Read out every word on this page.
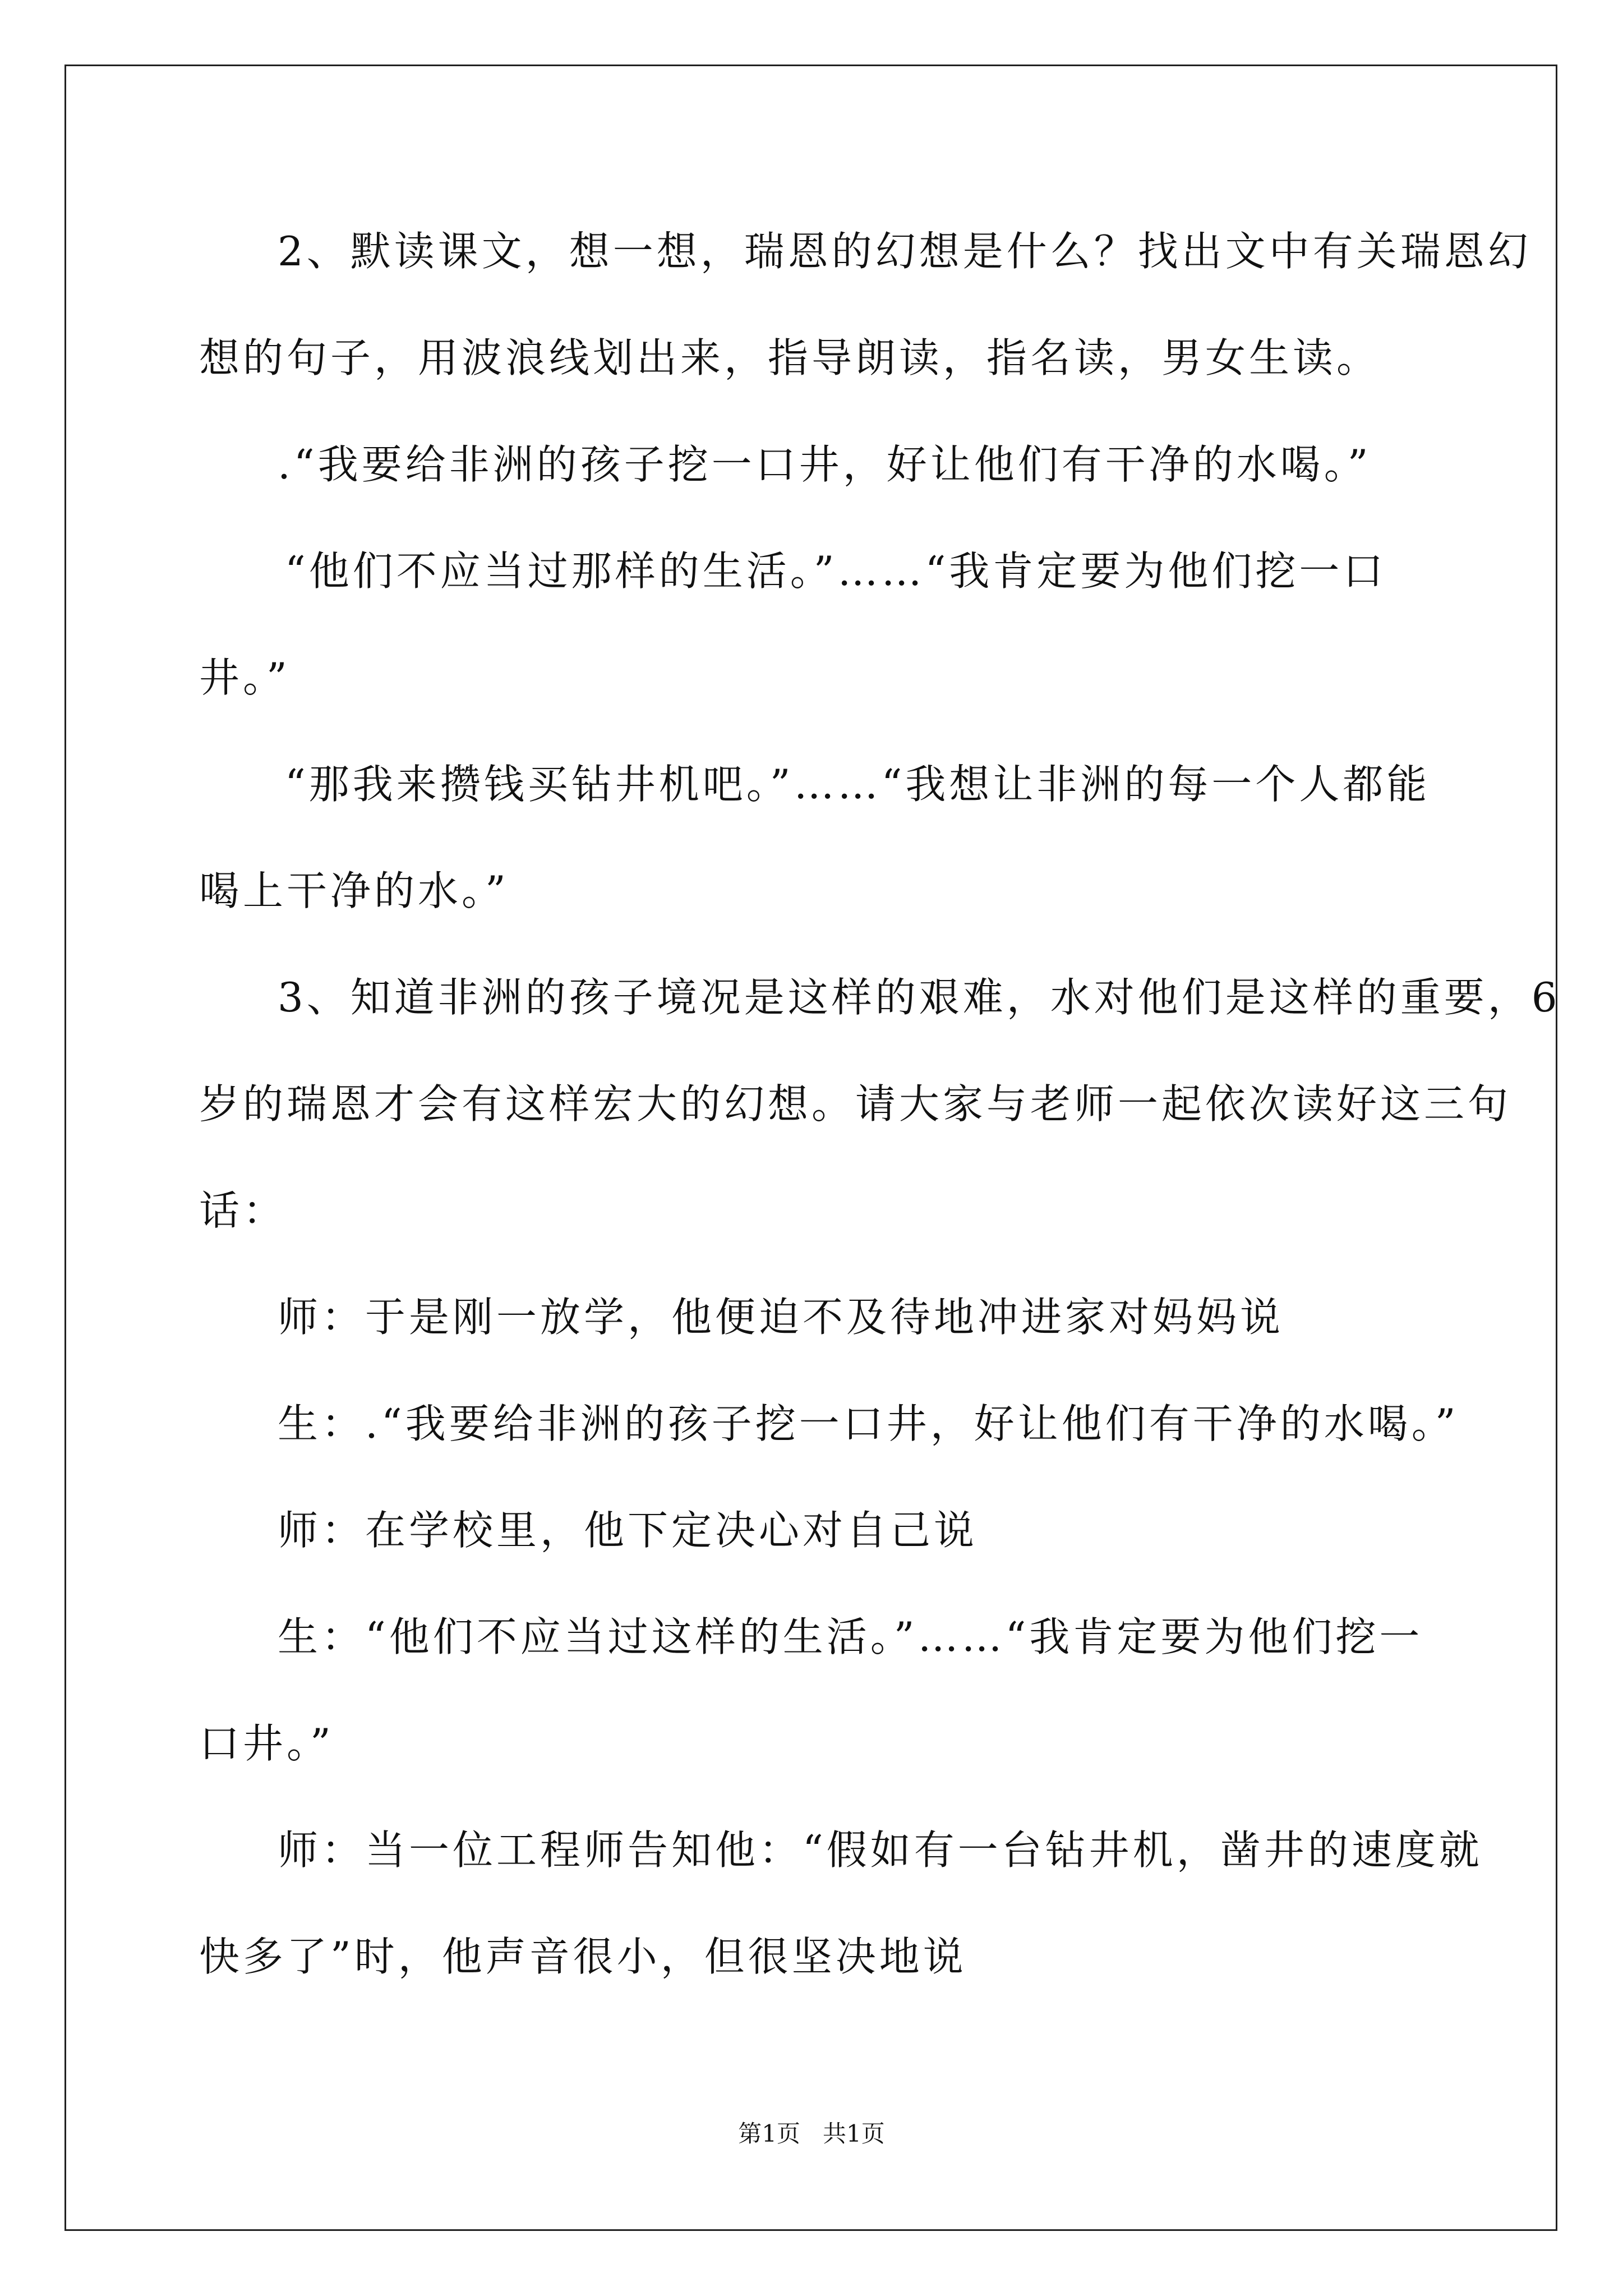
2、默读课文，想一想，瑞恩的幻想是什么？找出文中有关瑞恩幻
想的句子，用波浪线划出来，指导朗读，指名读，男女生读。
.“我要给非洲的孩子挖一口井，好让他们有干净的水喝。”
“他们不应当过那样的生活。”……“我肯定要为他们挖一口
井。”
“那我来攒钱买钻井机吧。”……“我想让非洲的每一个人都能
喝上干净的水。”
3、知道非洲的孩子境况是这样的艰难，水对他们是这样的重要，6
岁的瑞恩才会有这样宏大的幻想。请大家与老师一起依次读好这三句
话：
师：于是刚一放学，他便迫不及待地冲进家对妈妈说
生：.“我要给非洲的孩子挖一口井，好让他们有干净的水喝。”
师：在学校里，他下定决心对自己说
生：“他们不应当过这样的生活。”……“我肯定要为他们挖一
口井。”
师：当一位工程师告知他：“假如有一台钻井机，凿井的速度就
快多了”时，他声音很小，但很坚决地说
第1页   共1页
